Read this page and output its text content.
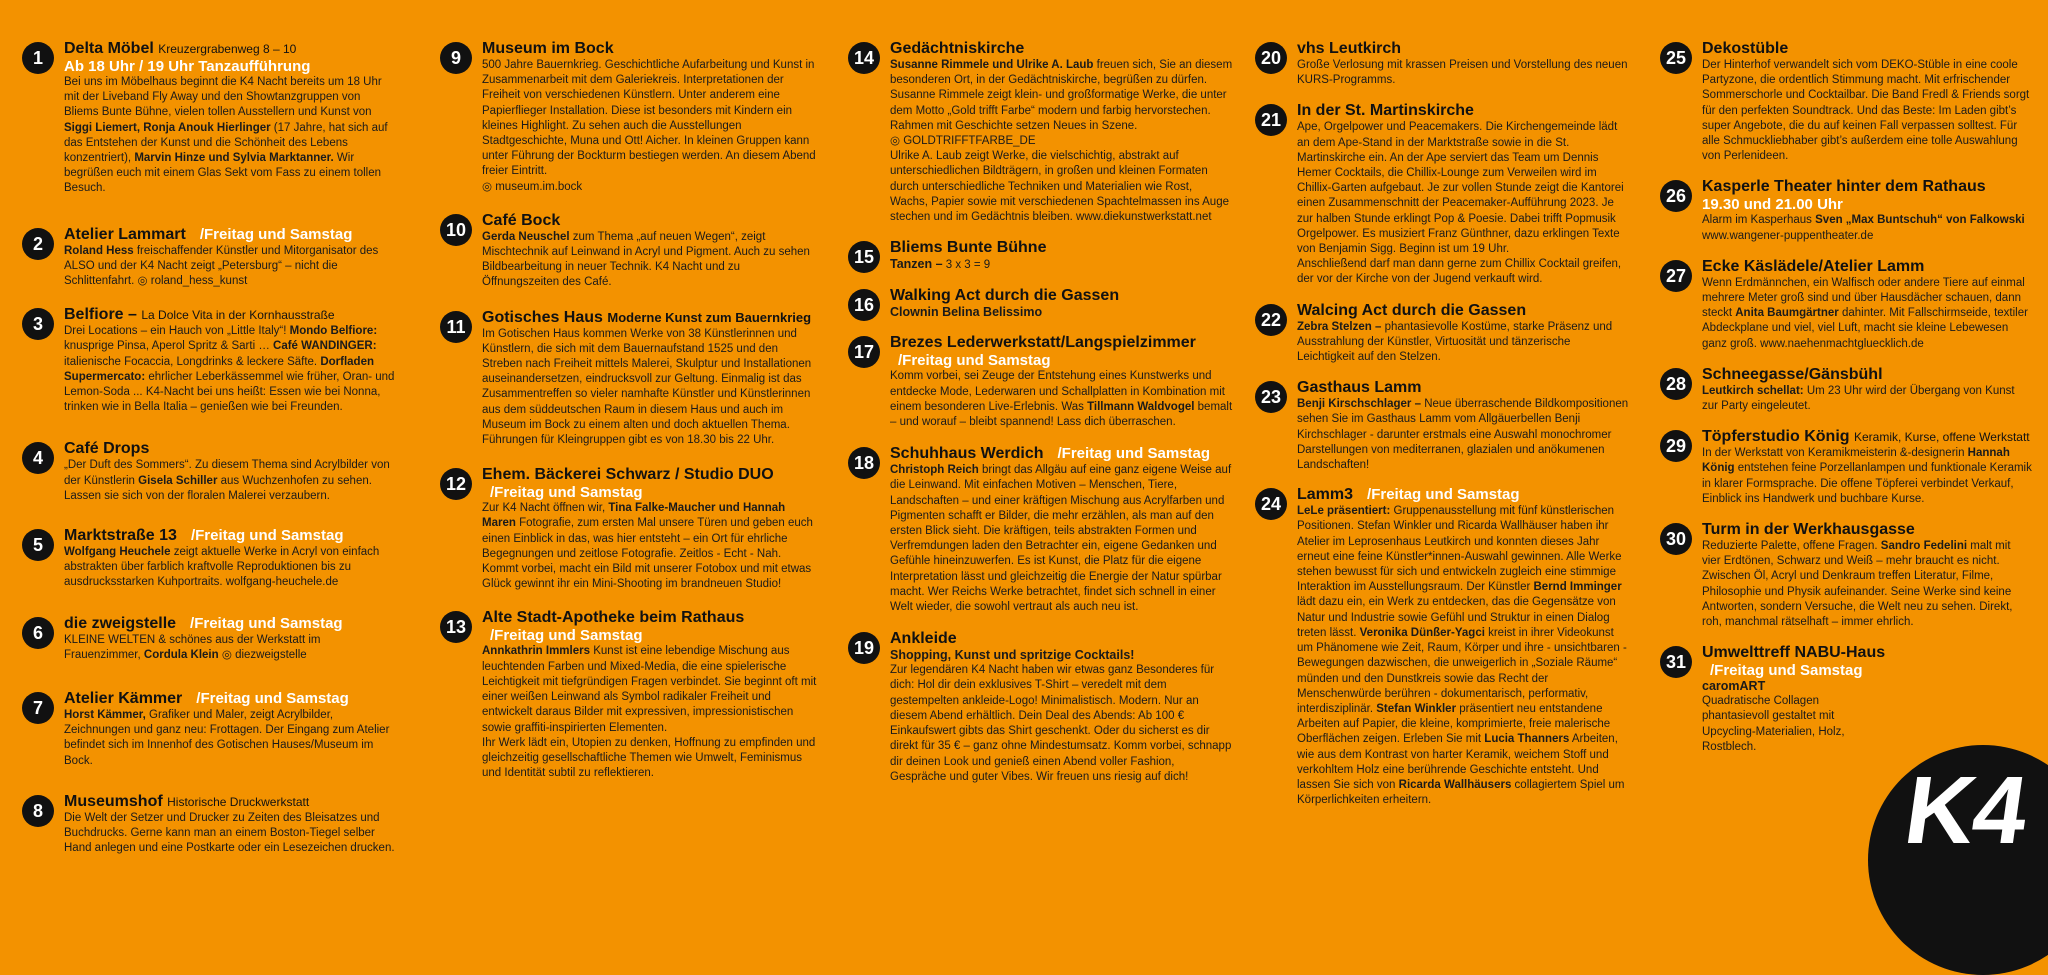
1	Delta Möbel Kreuzergrabenweg 8 – 10
Ab 18 Uhr / 19 Uhr Tanzaufführung
Bei uns im Möbelhaus beginnt die K4 Nacht bereits um 18 Uhr mit der Liveband Fly Away und den Showtanzgruppen von Bliems Bunte Bühne, vielen tollen Ausstellern und Kunst von Siggi Liemert, Ronja Anouk Hierlinger (17 Jahre, hat sich auf das Entstehen der Kunst und die Schönheit des Lebens konzentriert), Marvin Hinze und Sylvia Marktanner. Wir begrüßen euch mit einem Glas Sekt vom Fass zu einem tollen Besuch.
2	Atelier Lammart /Freitag und Samstag
Roland Hess freischaffender Künstler und Mitorganisator des ALSO und der K4 Nacht zeigt „Petersburg“ – nicht die Schlittenfahrt. ◎ roland_hess_kunst
3	Belfiore – La Dolce Vita in der Kornhausstraße
Drei Locations – ein Hauch von „Little Italy“! Mondo Belfiore: knusprige Pinsa, Aperol Spritz & Sarti … Café WANDINGER: italienische Focaccia, Longdrinks & leckere Säfte. Dorfladen Supermercato: ehrlicher Leberkässemmel wie früher, Oran- und Lemon-Soda ... K4-Nacht bei uns heißt: Essen wie bei Nonna, trinken wie in Bella Italia – genießen wie bei Freunden.
4	Café Drops
„Der Duft des Sommers“. Zu diesem Thema sind Acrylbilder von der Künstlerin Gisela Schiller aus Wuchzenhofen zu sehen. Lassen sie sich von der floralen Malerei verzaubern.
5	Marktstraße 13 /Freitag und Samstag
Wolfgang Heuchele zeigt aktuelle Werke in Acryl von einfach abstrakten über farblich kraftvolle Reproduktionen bis zu ausdrucksstarken Kuhportraits. wolfgang-heuchele.de
6	die zweigstelle /Freitag und Samstag
KLEINE WELTEN & schönes aus der Werkstatt im Frauenzimmer, Cordula Klein ◎ diezweigstelle
7	Atelier Kämmer /Freitag und Samstag
Horst Kämmer, Grafiker und Maler, zeigt Acrylbilder, Zeichnungen und ganz neu: Frottagen. Der Eingang zum Atelier befindet sich im Innenhof des Gotischen Hauses/Museum im Bock.
8	Museumshof Historische Druckwerkstatt
Die Welt der Setzer und Drucker zu Zeiten des Bleisatzes und Buchdrucks. Gerne kann man an einem Boston-Tiegel selber Hand anlegen und eine Postkarte oder ein Lesezeichen drucken.
9	Museum im Bock
500 Jahre Bauernkrieg. Geschichtliche Aufarbeitung und Kunst in Zusammenarbeit mit dem Galeriekreis. Interpretationen der Freiheit von verschiedenen Künstlern. Unter anderem eine Papierflieger Installation. Diese ist besonders mit Kindern ein kleines Highlight. Zu sehen auch die Ausstellungen Stadtgeschichte, Muna und Ott! Aicher. In kleinen Gruppen kann unter Führung der Bockturm bestiegen werden. An diesem Abend freier Eintritt.
◎ museum.im.bock
10 Café Bock
Gerda Neuschel zum Thema „auf neuen Wegen“, zeigt Mischtechnik auf Leinwand in Acryl und Pigment. Auch zu sehen Bildbearbeitung in neuer Technik. K4 Nacht und zu Öffnungszeiten des Café.
11	Gotisches Haus Moderne Kunst zum Bauernkrieg
Im Gotischen Haus kommen Werke von 38 Künstlerinnen und Künstlern, die sich mit dem Bauernaufstand 1525 und den Streben nach Freiheit mittels Malerei, Skulptur und Installationen auseinandersetzen, eindrucksvoll zur Geltung. Einmalig ist das Zusammentreffen so vieler namhafte Künstler und Künstlerinnen aus dem süddeutschen Raum in diesem Haus und auch im Museum im Bock zu einem alten und doch aktuellen Thema. Führungen für Kleingruppen gibt es von 18.30 bis 22 Uhr.
12 Ehem. Bäckerei Schwarz / Studio DUO
/Freitag und Samstag
Zur K4 Nacht öffnen wir, Tina Falke-Maucher und Hannah Maren Fotografie, zum ersten Mal unsere Türen und geben euch einen Einblick in das, was hier entsteht – ein Ort für ehrliche Begegnungen und zeitlose Fotografie. Zeitlos - Echt - Nah. Kommt vorbei, macht ein Bild mit unserer Fotobox und mit etwas Glück gewinnt ihr ein Mini-Shooting im brandneuen Studio!
13 Alte Stadt-Apotheke beim Rathaus
/Freitag und Samstag
Annkathrin Immlers Kunst ist eine lebendige Mischung aus leuchtenden Farben und Mixed-Media, die eine spielerische Leichtigkeit mit tiefgründigen Fragen verbindet. Sie beginnt oft mit einer weißen Leinwand als Symbol radikaler Freiheit und entwickelt daraus Bilder mit expressiven, impressionistischen sowie graffiti-inspirierten Elementen.
Ihr Werk lädt ein, Utopien zu denken, Hoffnung zu empfinden und gleichzeitig gesellschaftliche Themen wie Umwelt, Feminismus und Identität subtil zu reflektieren.
14 Gedächtniskirche
Susanne Rimmele und Ulrike A. Laub freuen sich, Sie an diesem besonderen Ort, in der Gedächtniskirche, begrüßen zu dürfen. Susanne Rimmele zeigt klein- und großformatige Werke, die unter dem Motto „Gold trifft Farbe“ modern und farbig hervorstechen. Rahmen mit Geschichte setzen Neues in Szene.
◎ GOLDTRIFFTFARBE_DE
Ulrike A. Laub zeigt Werke, die vielschichtig, abstrakt auf unterschiedlichen Bildträgern, in großen und kleinen Formaten durch unterschiedliche Techniken und Materialien wie Rost, Wachs, Papier sowie mit verschiedenen Spachtelmassen ins Auge stechen und im Gedächtnis bleiben. www.diekunstwerkstatt.net
15 Bliems Bunte Bühne
Tanzen – 3 x 3 = 9
16 Walking Act durch die Gassen
Clownin Belina Belissimo
17 Brezes Lederwerkstatt/Langspielzimmer
/Freitag und Samstag
Komm vorbei, sei Zeuge der Entstehung eines Kunstwerks und entdecke Mode, Lederwaren und Schallplatten in Kombination mit einem besonderen Live-Erlebnis. Was Tillmann Waldvogel bemalt – und worauf – bleibt spannend! Lass dich überraschen.
18 Schuhhaus Werdich /Freitag und Samstag
Christoph Reich bringt das Allgäu auf eine ganz eigene Weise auf die Leinwand. Mit einfachen Motiven – Menschen, Tiere, Landschaften – und einer kräftigen Mischung aus Acrylfarben und Pigmenten schafft er Bilder, die mehr erzählen, als man auf den ersten Blick sieht. Die kräftigen, teils abstrakten Formen und Verfremdungen laden den Betrachter ein, eigene Gedanken und Gefühle hineinzuwerfen. Es ist Kunst, die Platz für die eigene Interpretation lässt und gleichzeitig die Energie der Natur spürbar macht. Wer Reichs Werke betrachtet, findet sich schnell in einer Welt wieder, die sowohl vertraut als auch neu ist.
19 Ankleide
Shopping, Kunst und spritzige Cocktails!
Zur legendären K4 Nacht haben wir etwas ganz Besonderes für dich: Hol dir dein exklusives T-Shirt – veredelt mit dem gestempelten ankleide-Logo! Minimalistisch. Modern. Nur an diesem Abend erhältlich. Dein Deal des Abends: Ab 100 € Einkaufswert gibts das Shirt geschenkt. Oder du sicherst es dir direkt für 35 € – ganz ohne Mindestumsatz. Komm vorbei, schnapp dir deinen Look und genieß einen Abend voller Fashion, Gespräche und guter Vibes. Wir freuen uns riesig auf dich!
20 vhs Leutkirch
Große Verlosung mit krassen Preisen und Vorstellung des neuen KURS-Programms.
21 In der St. Martinskirche
Ape, Orgelpower und Peacemakers. Die Kirchengemeinde lädt an dem Ape-Stand in der Marktstraße sowie in die St. Martinskirche ein. An der Ape serviert das Team um Dennis Hemer Cocktails, die Chillix-Lounge zum Verweilen wird im Chillix-Garten aufgebaut. Je zur vollen Stunde zeigt die Kantorei einen Zusammenschnitt der Peacemaker-Aufführung 2023. Je zur halben Stunde erklingt Pop & Poesie. Dabei trifft Popmusik Orgelpower. Es musiziert Franz Günthner, dazu erklingen Texte von Benjamin Sigg. Beginn ist um 19 Uhr.
Anschließend darf man dann gerne zum Chillix Cocktail greifen, der vor der Kirche von der Jugend verkauft wird.
22 Walcing Act durch die Gassen
Zebra Stelzen – phantasievolle Kostüme, starke Präsenz und Ausstrahlung der Künstler, Virtuosität und tänzerische Leichtigkeit auf den Stelzen.
23 Gasthaus Lamm
Benji Kirschschlager – Neue überraschende Bildkompositionen sehen Sie im Gasthaus Lamm vom Allgäuerbellen Benji Kirchschlager - darunter erstmals eine Auswahl monochromer Darstellungen von mediterranen, glazialen und anökumenen Landschaften!
24 Lamm3 /Freitag und Samstag
LeLe präsentiert: Gruppenausstellung mit fünf künstlerischen Positionen. Stefan Winkler und Ricarda Wallhäuser haben ihr Atelier im Leprosenhaus Leutkirch und konnten dieses Jahr erneut eine feine Künstler*innen-Auswahl gewinnen. Alle Werke stehen bewusst für sich und entwickeln zugleich eine stimmige Interaktion im Ausstellungsraum. Der Künstler Bernd Imminger lädt dazu ein, ein Werk zu entdecken, das die Gegensätze von Natur und Industrie sowie Gefühl und Struktur in einen Dialog treten lässt. Veronika Dünßer-Yagci kreist in ihrer Videokunst um Phänomene wie Zeit, Raum, Körper und ihre - unsichtbaren - Bewegungen dazwischen, die unweigerlich in „Soziale Räume“ münden und den Dunstkreis sowie das Recht der Menschenwürde berühren - dokumentarisch, performativ, interdisziplinär. Stefan Winkler präsentiert neu entstandene Arbeiten auf Papier, die kleine, komprimierte, freie malerische Oberflächen zeigen. Erleben Sie mit Lucia Thanners Arbeiten, wie aus dem Kontrast von harter Keramik, weichem Stoff und verkohltem Holz eine berührende Geschichte entsteht. Und lassen Sie sich von Ricarda Wallhäusers collagiertem Spiel um Körperlichkeiten erheitern.
25 Dekostüble
Der Hinterhof verwandelt sich vom DEKO-Stüble in eine coole Partyzone, die ordentlich Stimmung macht. Mit erfrischender Sommerschorle und Cocktailbar. Die Band Fredl & Friends sorgt für den perfekten Soundtrack. Und das Beste: Im Laden gibt’s super Angebote, die du auf keinen Fall verpassen solltest. Für alle Schmuckliebhaber gibt’s außerdem eine tolle Auswahlung von Perlenideen.
26 Kasperle Theater hinter dem Rathaus
19.30 und 21.00 Uhr
Alarm im Kasperhaus Sven „Max Buntschuh“ von Falkowski www.wangener-puppentheater.de
27 Ecke Käslädele/Atelier Lamm
Wenn Erdmännchen, ein Walfisch oder andere Tiere auf einmal mehrere Meter groß sind und über Hausdächer schauen, dann steckt Anita Baumgärtner dahinter. Mit Fallschirmseide, textiler Abdeckplane und viel, viel Luft, macht sie kleine Lebewesen ganz groß. www.naehenmachtgluecklich.de
28 Schneegasse/Gänsbühl
Leutkirch schellat: Um 23 Uhr wird der Übergang von Kunst zur Party eingeleutet.
29 Töpferstudio König Keramik, Kurse, offene Werkstatt
In der Werkstatt von Keramikmeisterin &-designerin Hannah König entstehen feine Porzellanlampen und funktionale Keramik in klarer Formsprache. Die offene Töpferei verbindet Verkauf, Einblick ins Handwerk und buchbare Kurse.
30 Turm in der Werkhausgasse
Reduzierte Palette, offene Fragen. Sandro Fedelini malt mit vier Erdtönen, Schwarz und Weiß – mehr braucht es nicht. Zwischen Öl, Acryl und Denkraum treffen Literatur, Filme, Philosophie und Physik aufeinander. Seine Werke sind keine Antworten, sondern Versuche, die Welt neu zu sehen. Direkt, roh, manchmal rätselhaft – immer ehrlich.
31 Umwelttreff NABU-Haus
/Freitag und Samstag
caromART
Quadratische Collagen phantasievoll gestaltet mit Upcycling-Materialien, Holz, Rostblech.
K4
